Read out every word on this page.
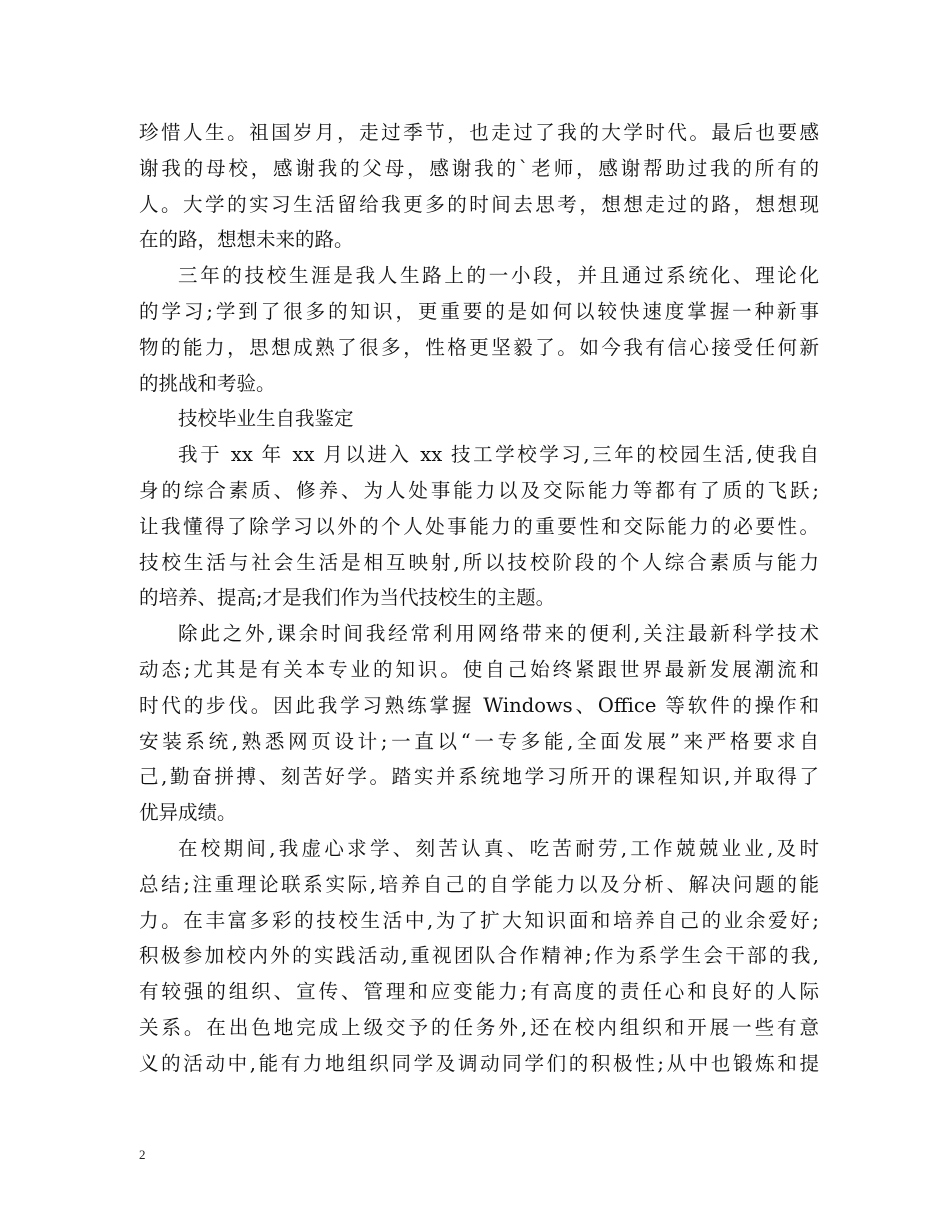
珍惜人生。祖国岁月，走过季节，也走过了我的大学时代。最后也要感
谢我的母校，感谢我的父母，感谢我的`老师，感谢帮助过我的所有的
人。大学的实习生活留给我更多的时间去思考，想想走过的路，想想现
在的路，想想未来的路。
三年的技校生涯是我人生路上的一小段，并且通过系统化、理论化
的学习;学到了很多的知识，更重要的是如何以较快速度掌握一种新事
物的能力，思想成熟了很多，性格更坚毅了。如今我有信心接受任何新
的挑战和考验。
技校毕业生自我鉴定
我于 xx 年 xx 月以进入 xx 技工学校学习,三年的校园生活,使我自
身的综合素质、修养、为人处事能力以及交际能力等都有了质的飞跃;
让我懂得了除学习以外的个人处事能力的重要性和交际能力的必要性。
技校生活与社会生活是相互映射,所以技校阶段的个人综合素质与能力
的培养、提高;才是我们作为当代技校生的主题。
除此之外,课余时间我经常利用网络带来的便利,关注最新科学技术
动态;尤其是有关本专业的知识。使自己始终紧跟世界最新发展潮流和
时代的步伐。因此我学习熟练掌握 Windows、Office 等软件的操作和
安装系统,熟悉网页设计;一直以“一专多能,全面发展”来严格要求自
己,勤奋拼搏、刻苦好学。踏实并系统地学习所开的课程知识,并取得了
优异成绩。
在校期间,我虚心求学、刻苦认真、吃苦耐劳,工作兢兢业业,及时
总结;注重理论联系实际,培养自己的自学能力以及分析、解决问题的能
力。在丰富多彩的技校生活中,为了扩大知识面和培养自己的业余爱好;
积极参加校内外的实践活动,重视团队合作精神;作为系学生会干部的我,
有较强的组织、宣传、管理和应变能力;有高度的责任心和良好的人际
关系。在出色地完成上级交予的任务外,还在校内组织和开展一些有意
义的活动中,能有力地组织同学及调动同学们的积极性;从中也锻炼和提
2
